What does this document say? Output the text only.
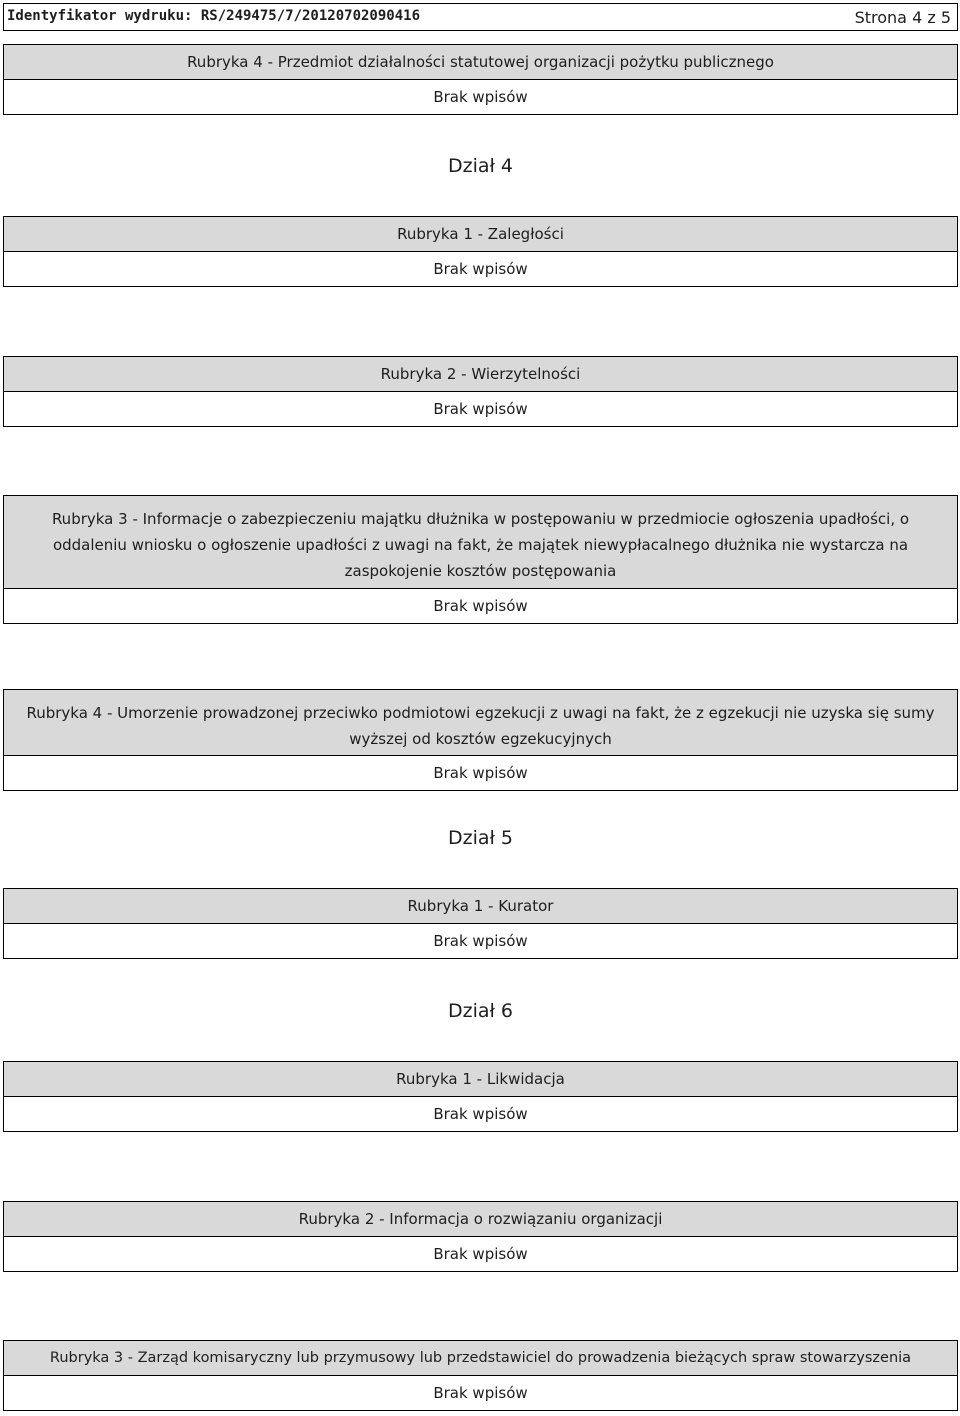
Identyfikator wydruku: RS/249475/7/20120702090416	Strona 4 z 5
Rubryka 4 - Przedmiot działalności statutowej organizacji pożytku publicznego
Brak wpisów
Dział 4
Rubryka 1 - Zaległości
Brak wpisów
Rubryka 2 - Wierzytelności
Brak wpisów
Rubryka 3 - Informacje o zabezpieczeniu majątku dłużnika w postępowaniu w przedmiocie ogłoszenia upadłości, o oddaleniu wniosku o ogłoszenie upadłości z uwagi na fakt, że majątek niewypłacalnego dłużnika nie wystarcza na zaspokojenie kosztów postępowania
Brak wpisów
Rubryka 4 - Umorzenie prowadzonej przeciwko podmiotowi egzekucji z uwagi na fakt, że z egzekucji nie uzyska się sumy wyższej od kosztów egzekucyjnych
Brak wpisów
Dział 5
Rubryka 1 - Kurator
Brak wpisów
Dział 6
Rubryka 1 - Likwidacja
Brak wpisów
Rubryka 2 - Informacja o rozwiązaniu organizacji
Brak wpisów
Rubryka 3 - Zarząd komisaryczny lub przymusowy lub przedstawiciel do prowadzenia bieżących spraw stowarzyszenia
Brak wpisów
